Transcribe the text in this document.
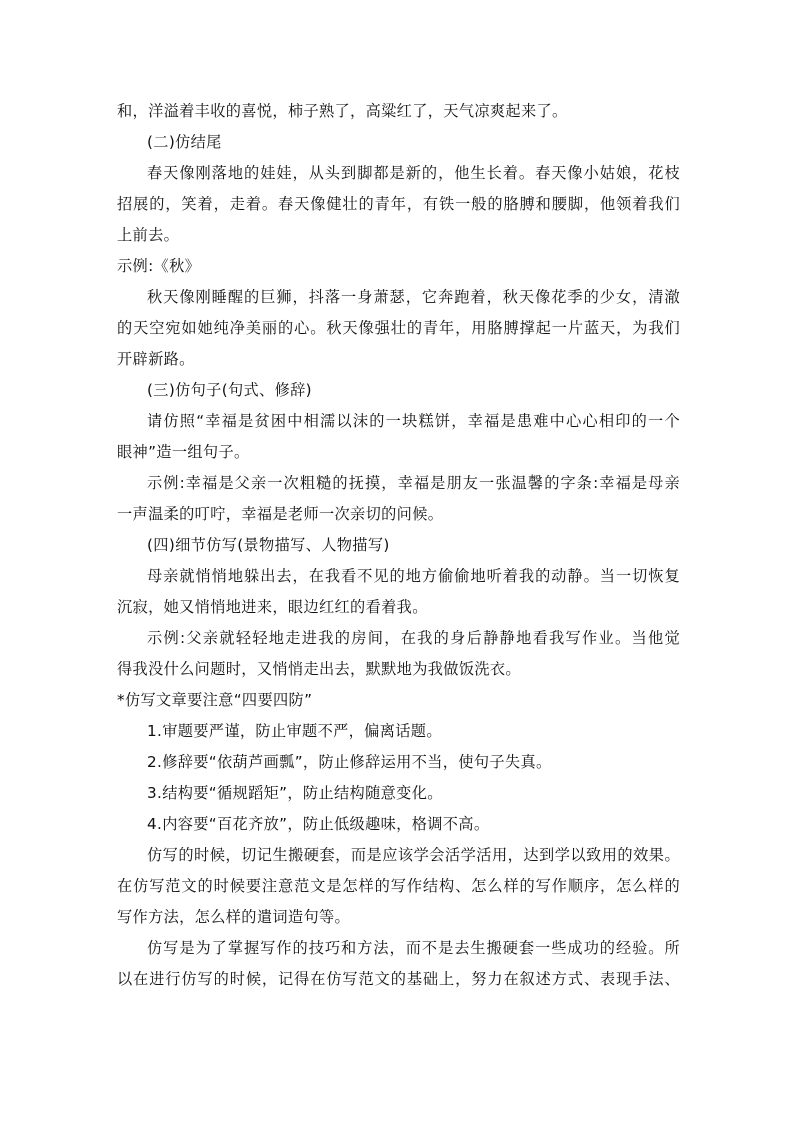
和，洋溢着丰收的喜悦，柿子熟了，高粱红了，天气凉爽起来了。
(二)仿结尾
春天像刚落地的娃娃，从头到脚都是新的，他生长着。春天像小姑娘，花枝
招展的，笑着，走着。春天像健壮的青年，有铁一般的胳膊和腰脚，他领着我们
上前去。
示例:《秋》
秋天像刚睡醒的巨狮，抖落一身萧瑟，它奔跑着，秋天像花季的少女，清澈
的天空宛如她纯净美丽的心。秋天像强壮的青年，用胳膊撑起一片蓝天，为我们
开辟新路。
(三)仿句子(句式、修辞)
请仿照“幸福是贫困中相濡以沫的一块糕饼，幸福是患难中心心相印的一个
眼神”造一组句子。
示例:幸福是父亲一次粗糙的抚摸，幸福是朋友一张温馨的字条:幸福是母亲
一声温柔的叮咛，幸福是老师一次亲切的问候。
(四)细节仿写(景物描写、人物描写)
母亲就悄悄地躲出去，在我看不见的地方偷偷地听着我的动静。当一切恢复
沉寂，她又悄悄地进来，眼边红红的看着我。
示例:父亲就轻轻地走进我的房间，在我的身后静静地看我写作业。当他觉
得我没什么问题时，又悄悄走出去，默默地为我做饭洗衣。
*仿写文章要注意“四要四防”
1.审题要严谨，防止审题不严，偏离话题。
2.修辞要“依葫芦画瓢”，防止修辞运用不当，使句子失真。
3.结构要“循规蹈矩”，防止结构随意变化。
4.内容要“百花齐放”，防止低级趣味，格调不高。
仿写的时候，切记生搬硬套，而是应该学会活学活用，达到学以致用的效果。
在仿写范文的时候要注意范文是怎样的写作结构、怎么样的写作顺序，怎么样的
写作方法，怎么样的遣词造句等。
仿写是为了掌握写作的技巧和方法，而不是去生搬硬套一些成功的经验。所
以在进行仿写的时候，记得在仿写范文的基础上，努力在叙述方式、表现手法、
